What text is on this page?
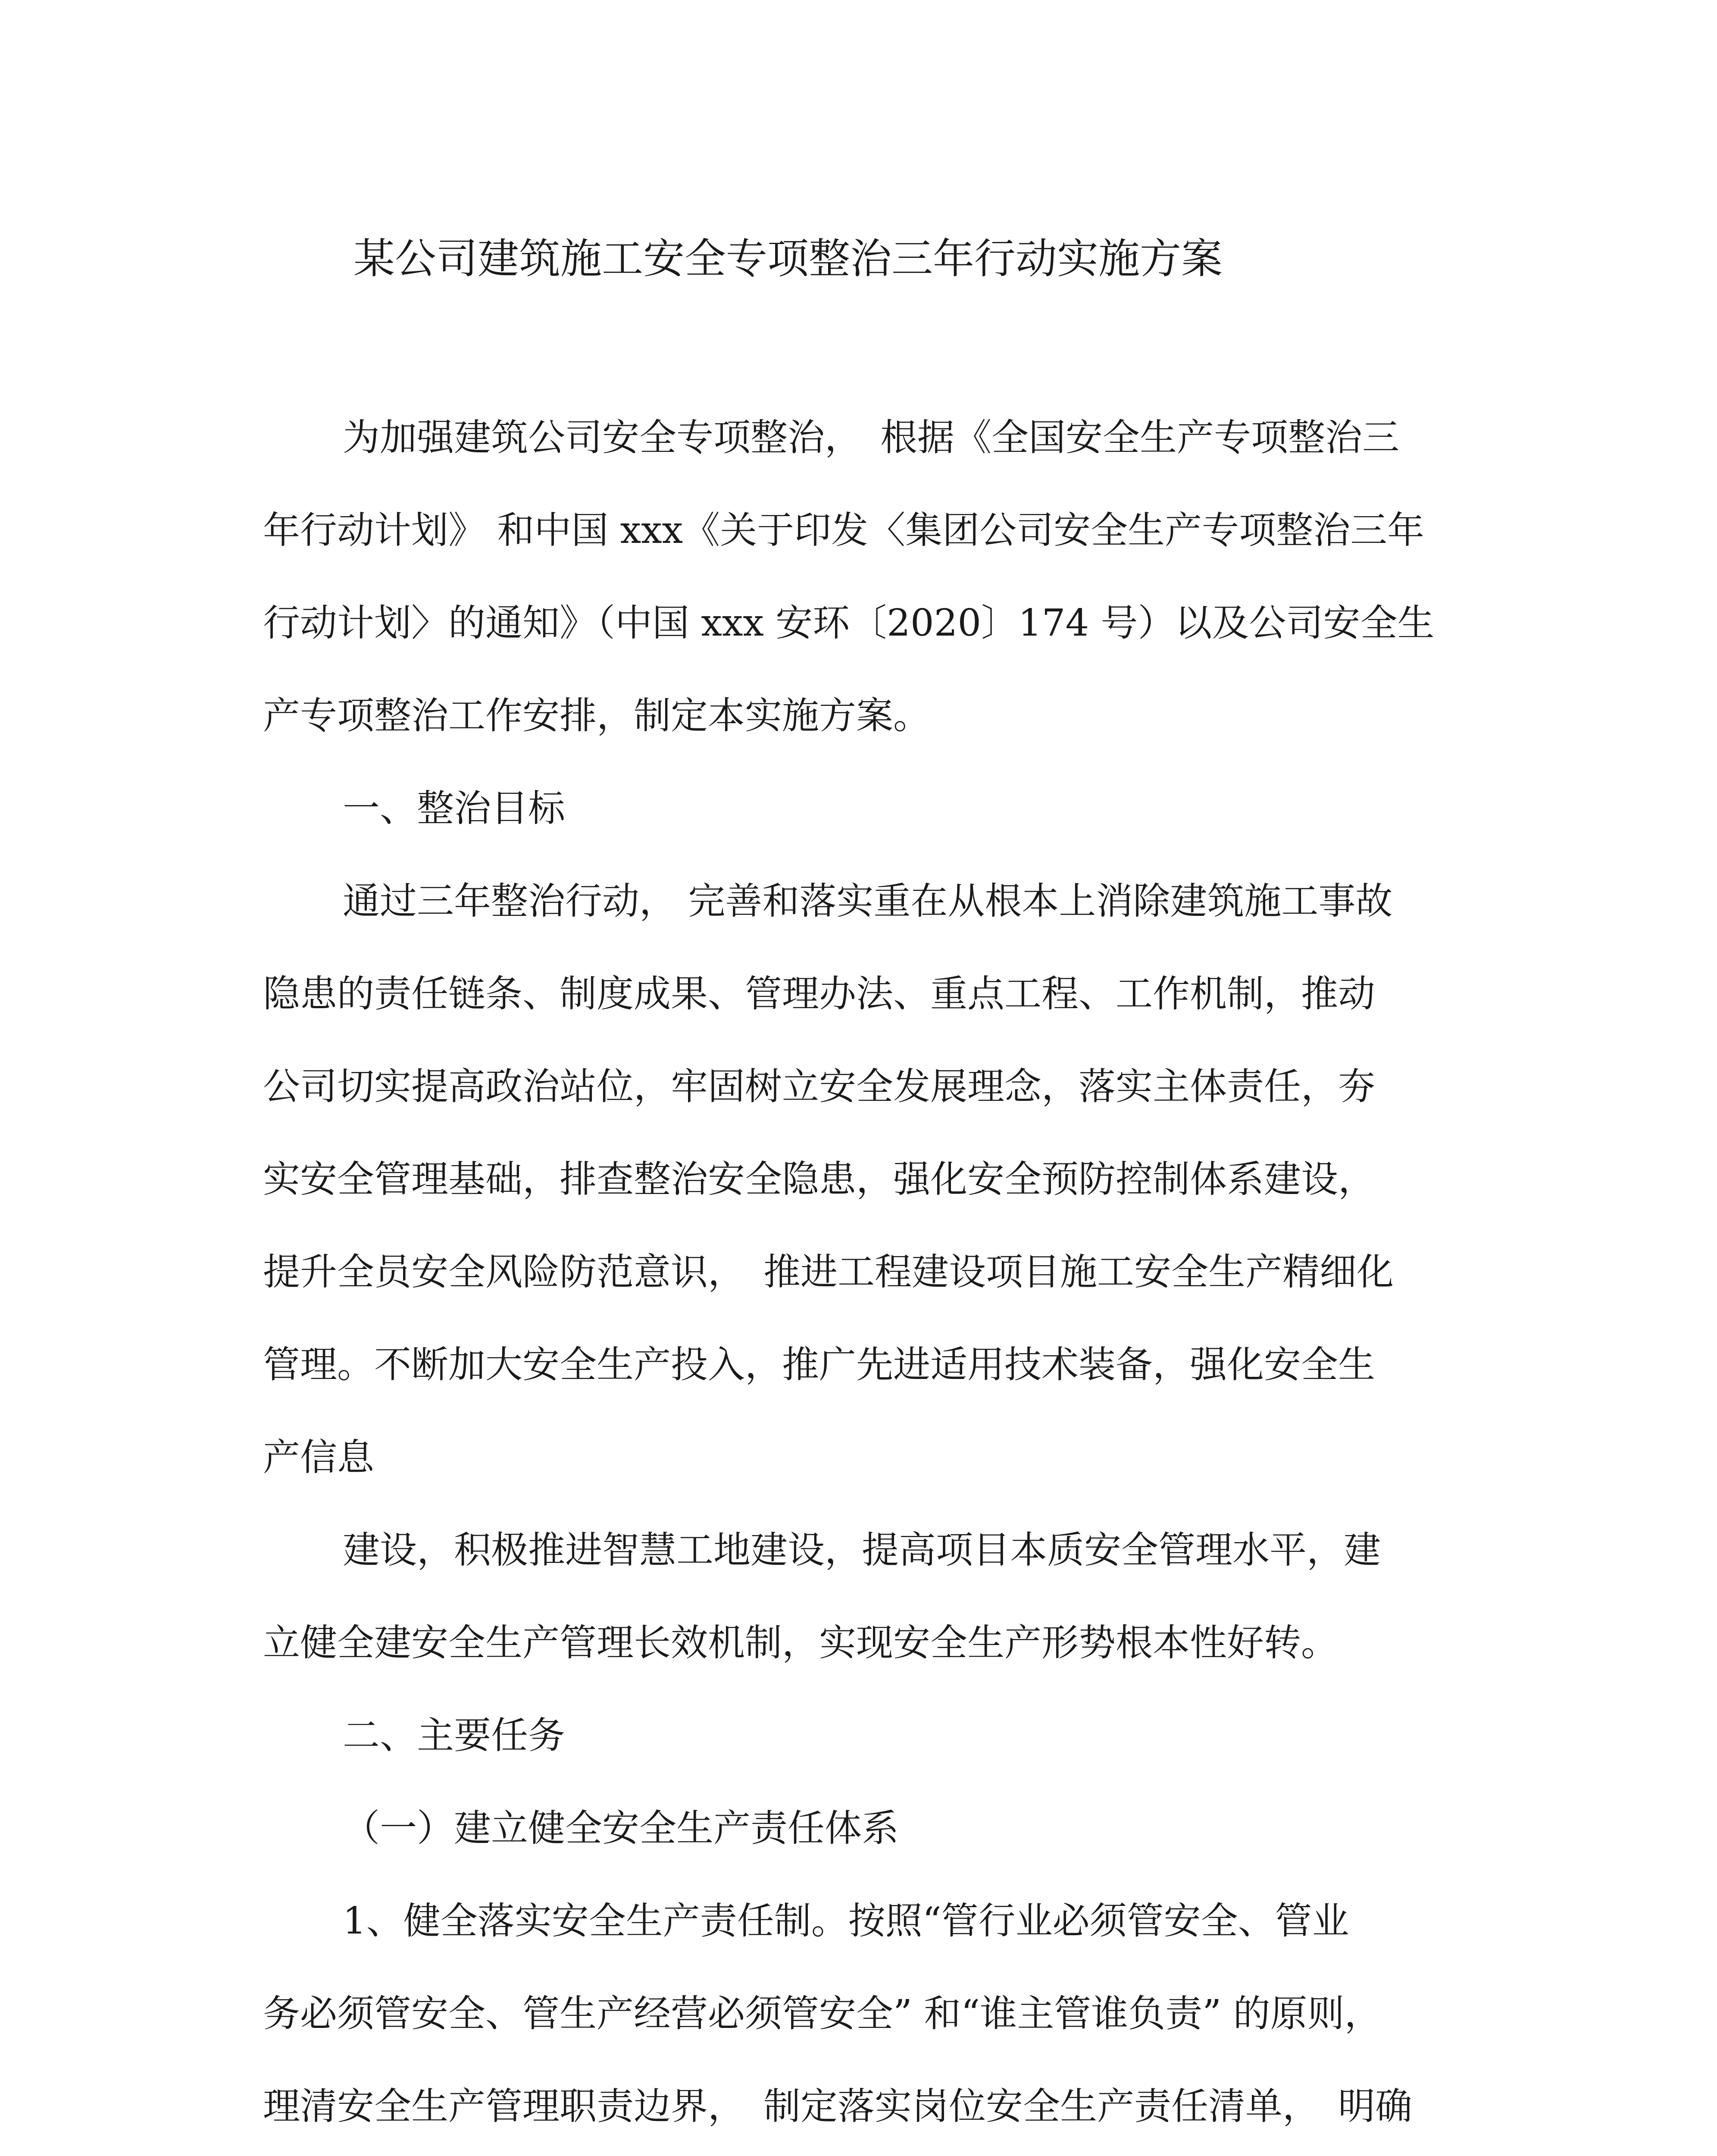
某公司建筑施工安全专项整治三年行动实施方案
为加强建筑公司安全专项整治，　根据《全国安全生产专项整治三
年行动计划》 和中国 xxx《关于印发〈集团公司安全生产专项整治三年
行动计划〉的通知》（中国 xxx 安环〔2020〕174 号）以及公司安全生
产专项整治工作安排，制定本实施方案。
一、整治目标
通过三年整治行动， 完善和落实重在从根本上消除建筑施工事故
隐患的责任链条、制度成果、管理办法、重点工程、工作机制，推动
公司切实提高政治站位，牢固树立安全发展理念，落实主体责任，夯
实安全管理基础，排查整治安全隐患，强化安全预防控制体系建设，
提升全员安全风险防范意识，　推进工程建设项目施工安全生产精细化
管理。不断加大安全生产投入，推广先进适用技术装备，强化安全生
产信息
建设，积极推进智慧工地建设，提高项目本质安全管理水平，建
立健全建安全生产管理长效机制，实现安全生产形势根本性好转。
二、主要任务
（一）建立健全安全生产责任体系
1、健全落实安全生产责任制。按照“管行业必须管安全、管业
务必须管安全、管生产经营必须管安全” 和“谁主管谁负责” 的原则，
理清安全生产管理职责边界，　制定落实岗位安全生产责任清单，　明确
